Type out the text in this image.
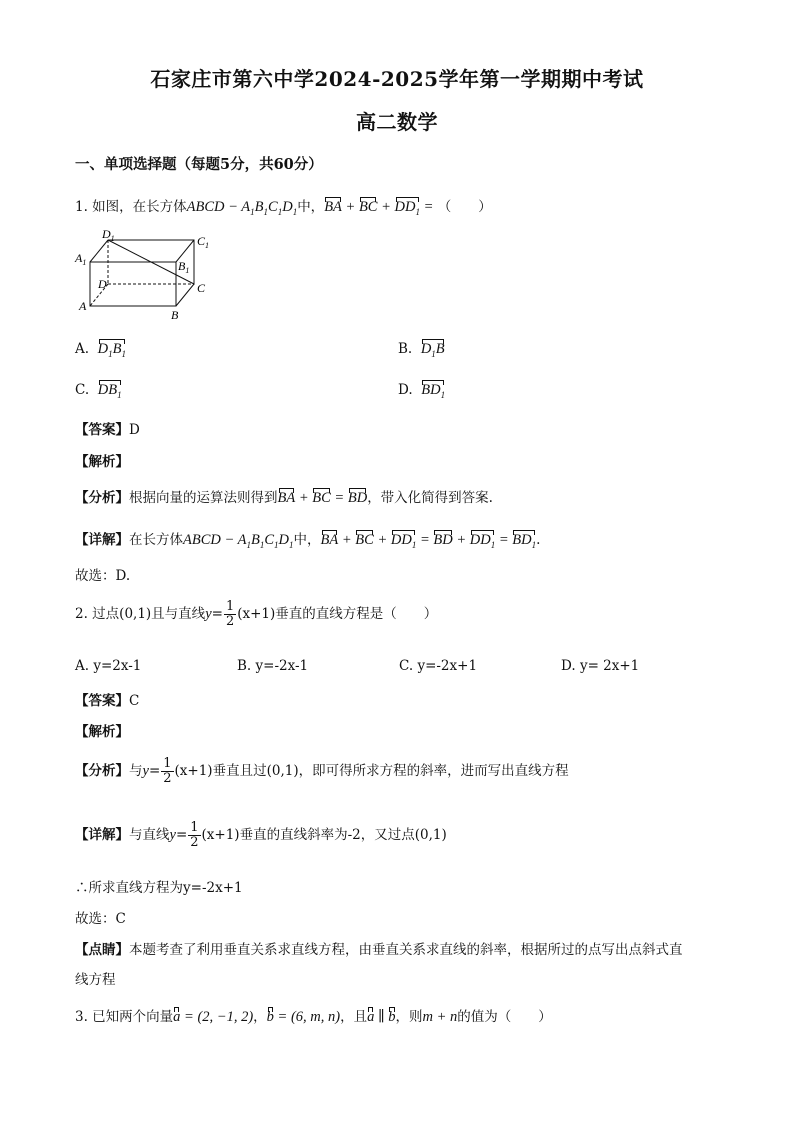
石家庄市第六中学2024-2025学年第一学期期中考试
高二数学
一、单项选择题（每题5分，共60分）
1. 如图，在长方体ABCD − $A_1B_1C_1D_1$中，BA + BC + $DD_1$ = （　　）
$D_1$	$C_1$
$A_1$	$B_1$
D	C
A
B
A. $D_1B_1$	B. $D_1B$
C. $DB_1$	D. $BD_1$
【答案】D
【解析】
【分析】根据向量的运算法则得到BA + BC = BD，带入化简得到答案.
【详解】在长方体ABCD − $A_1B_1C_1D_1$中，BA + BC + $DD_1$ = BD + $DD_1 = BD_1$.
故选：D.
2. 过点(0,1)且与直线$y= \frac{1}{2} (x+1)$垂直的直线方程是（　　）
A. y=2x-1	B. y=-2x-1	C. y=-2x+1	D. y= 2x+1
【答案】C
【解析】
【分析】与$y= \frac{1}{2} (x+1)$垂直且过(0,1)，即可得所求方程的斜率，进而写出直线方程
【详解】与直线$y= \frac{1}{2} (x+1)$垂直的直线斜率为-2，又过点(0,1)
∴所求直线方程为y=-2x+1
故选：C
【点睛】本题考查了利用垂直关系求直线方程，由垂直关系求直线的斜率，根据所过的点写出点斜式直
线方程
3. 已知两个向量a = (2, −1, 2)，b = (6, m, n)，且a ∥ b，则m + n的值为（　　）
